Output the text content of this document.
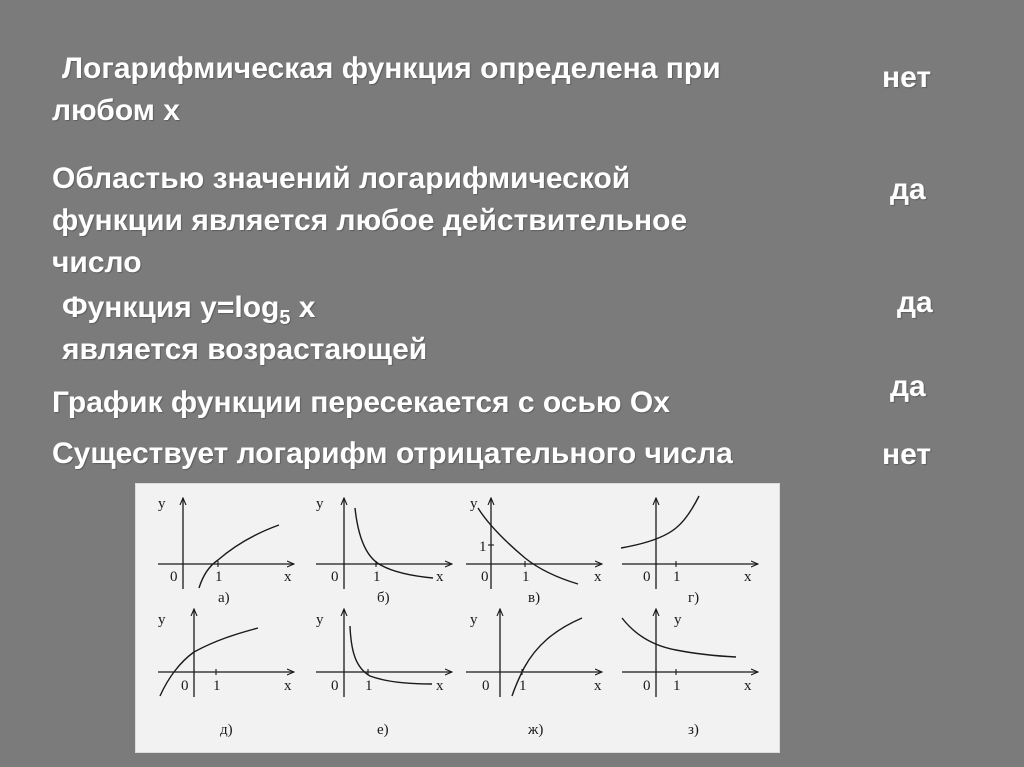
Логарифмическая функция определена при
любом x
нет
Областью значений логарифмической
функции является любое действительное
число
да
Функция $y=\log_5$ x
является возрастающей
да
График функции пересекается с осью Ox	да
Существует логарифм отрицательного числа	нет
y
0	1	x
а)
y
0 1	x
б)
y
1
0 1	x
в)
0 1	x
г)
y
0 1	x
д)
y
0 1	x
е)
y
0 1	x
ж)
y
0 1	x
з)
